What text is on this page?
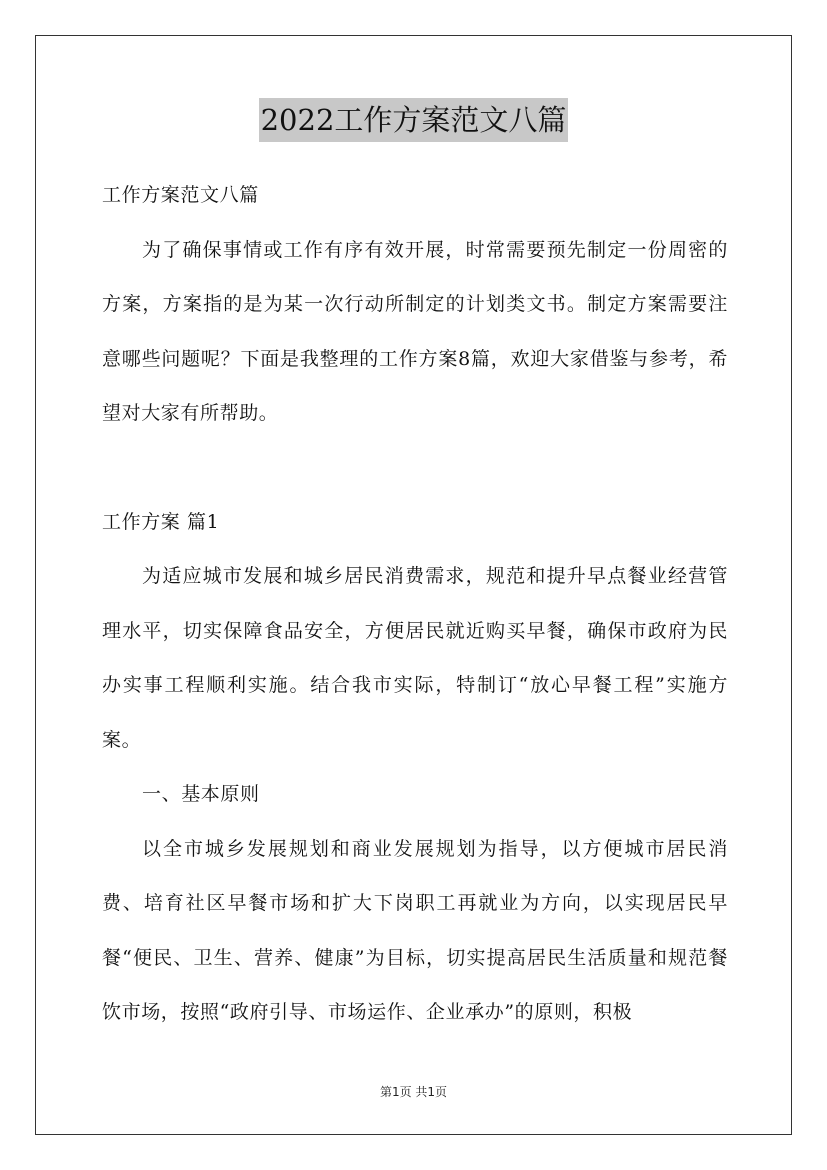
2022工作方案范文八篇

工作方案范文八篇

为了确保事情或工作有序有效开展，时常需要预先制定一份周密的方案，方案指的是为某一次行动所制定的计划类文书。制定方案需要注意哪些问题呢？下面是我整理的工作方案8篇，欢迎大家借鉴与参考，希望对大家有所帮助。

工作方案 篇1

为适应城市发展和城乡居民消费需求，规范和提升早点餐业经营管理水平，切实保障食品安全，方便居民就近购买早餐，确保市政府为民办实事工程顺利实施。结合我市实际，特制订“放心早餐工程”实施方案。

一、基本原则

以全市城乡发展规划和商业发展规划为指导，以方便城市居民消费、培育社区早餐市场和扩大下岗职工再就业为方向，以实现居民早餐“便民、卫生、营养、健康”为目标，切实提高居民生活质量和规范餐饮市场，按照“政府引导、市场运作、企业承办”的原则，积极

第1页 共1页
